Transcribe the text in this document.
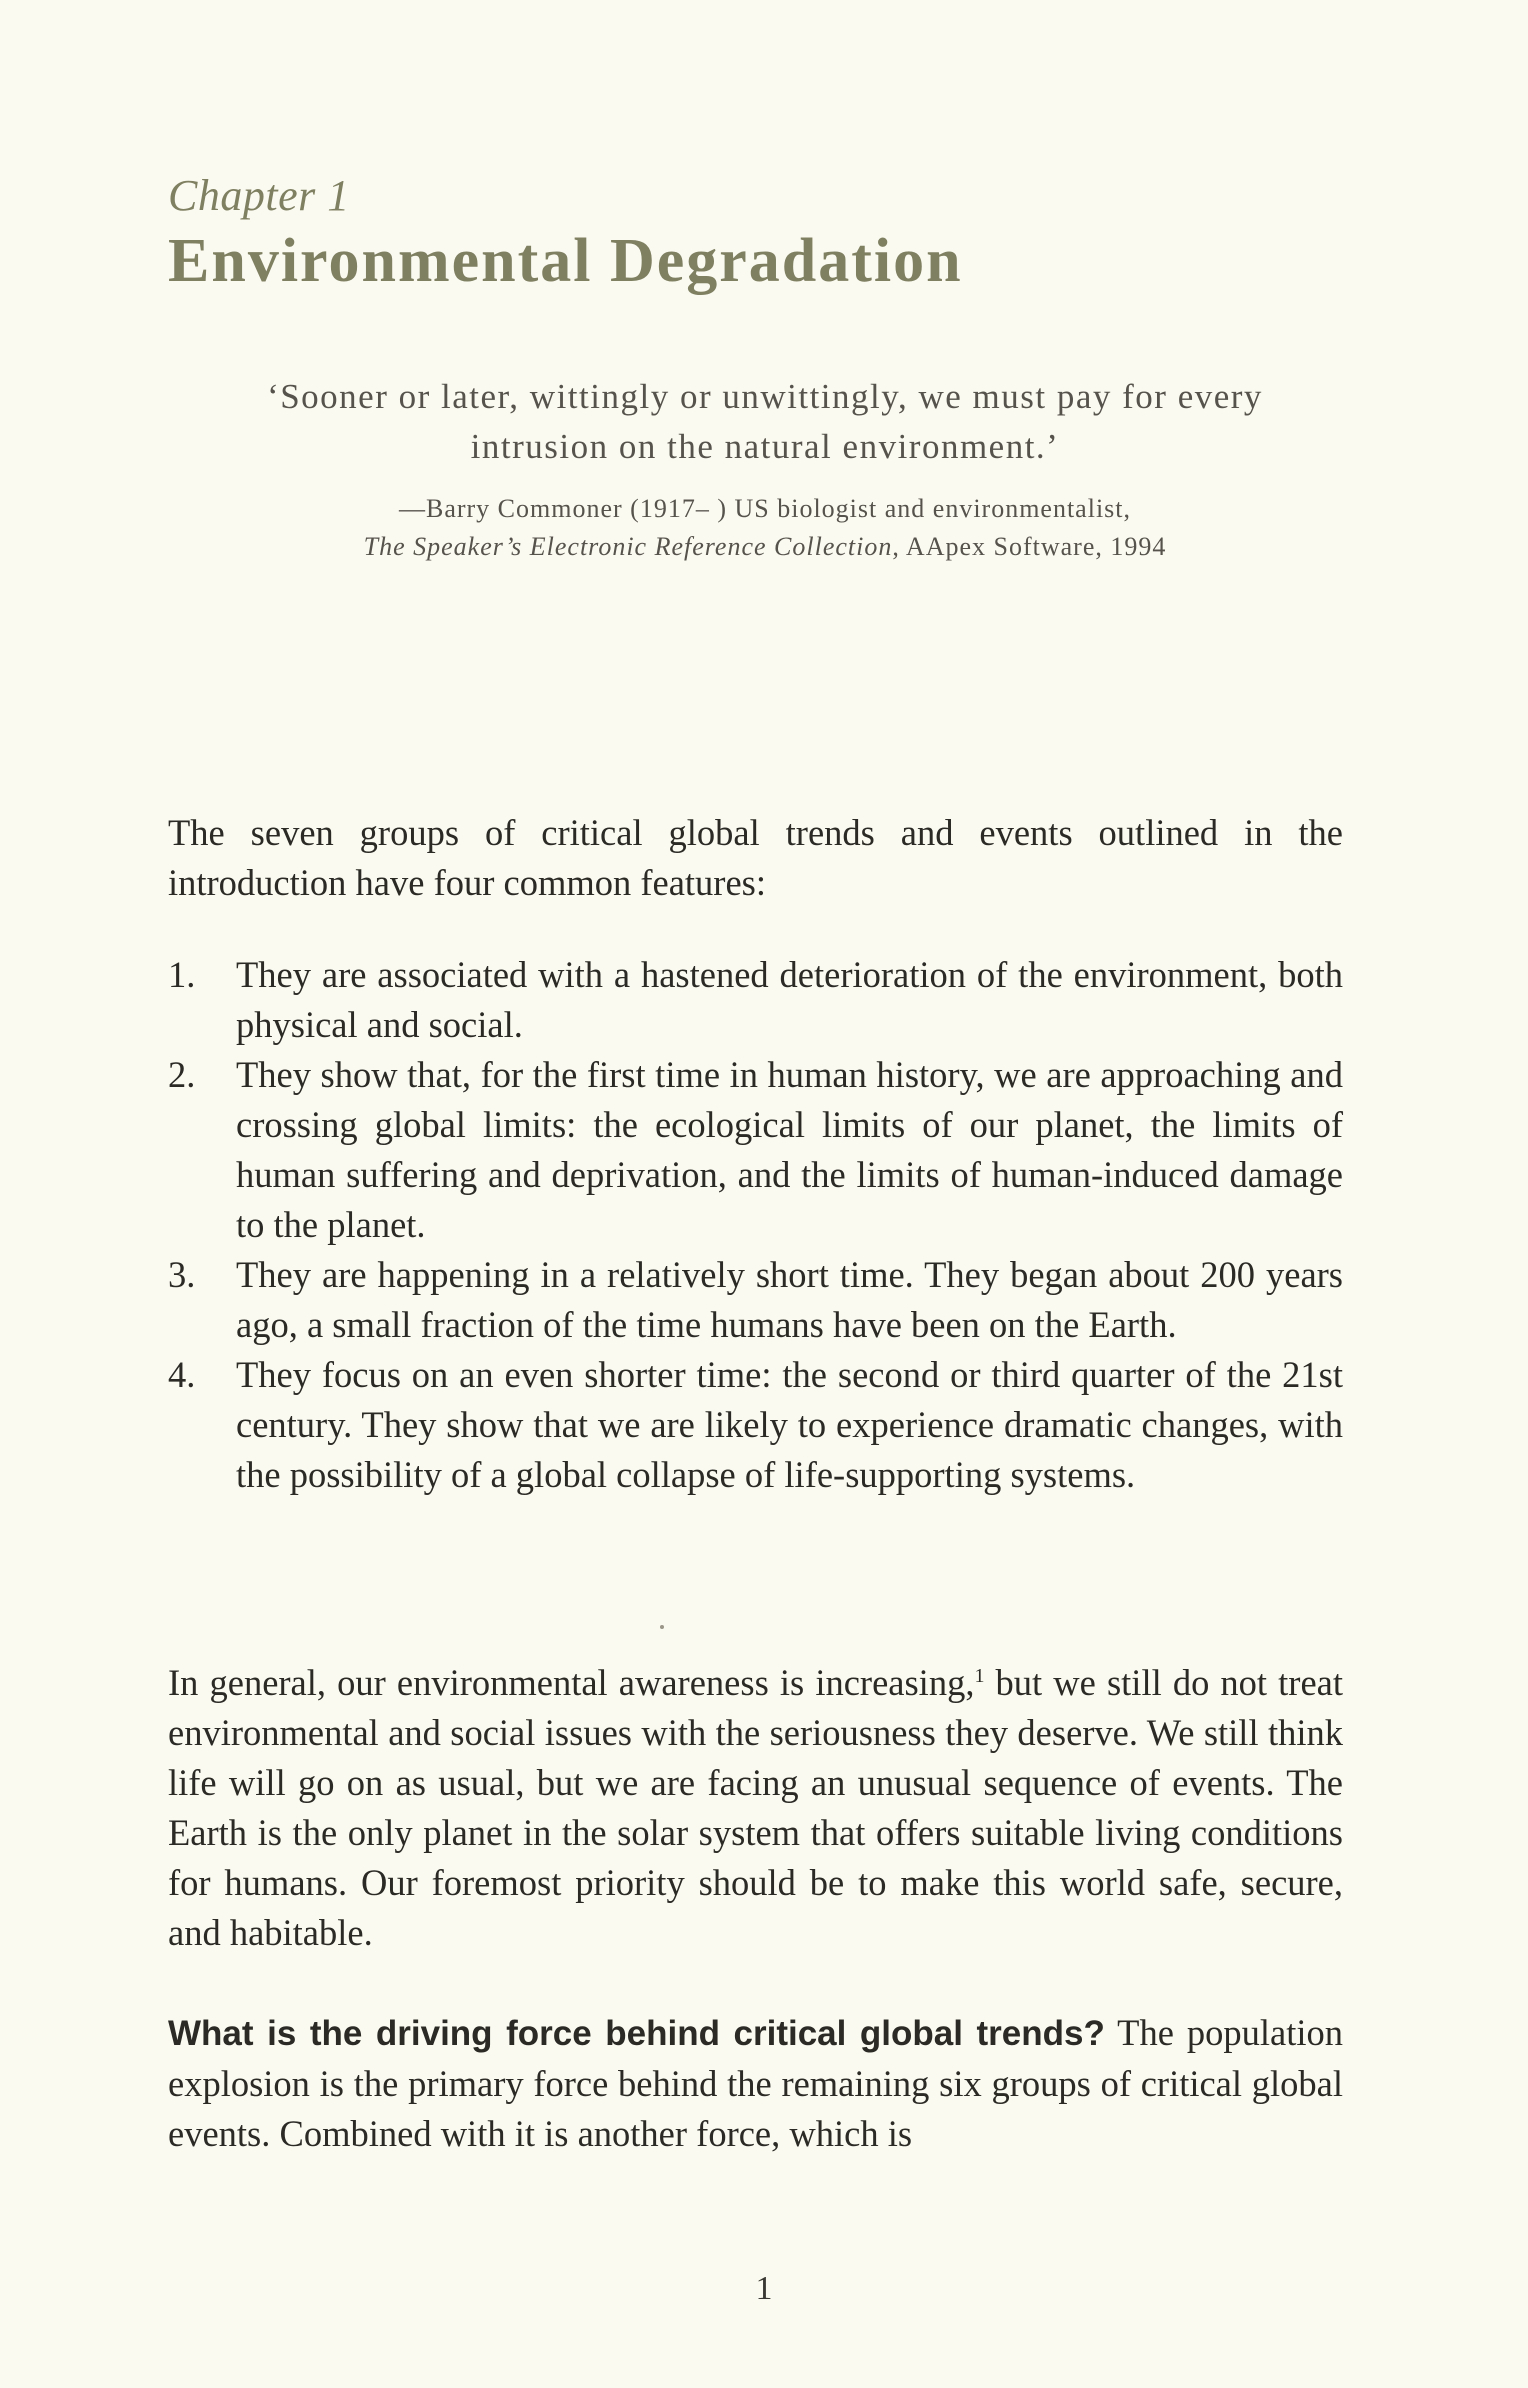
Chapter 1
Environmental Degradation
‘Sooner or later, wittingly or unwittingly, we must pay for every
intrusion on the natural environment.’
—Barry Commoner (1917– ) US biologist and environmentalist,
The Speaker’s Electronic Reference Collection, AApex Software, 1994
The seven groups of critical global trends and events outlined in the introduction have four common features:
1. They are associated with a hastened deterioration of the environment, both physical and social.
2. They show that, for the first time in human history, we are approaching and crossing global limits: the ecological limits of our planet, the limits of human suffering and deprivation, and the limits of human-induced damage to the planet.
3. They are happening in a relatively short time. They began about 200 years ago, a small fraction of the time humans have been on the Earth.
4. They focus on an even shorter time: the second or third quarter of the 21st century. They show that we are likely to experience dramatic changes, with the possibility of a global collapse of life-supporting systems.
In general, our environmental awareness is increasing,$^1$ but we still do not treat environmental and social issues with the seriousness they deserve. We still think life will go on as usual, but we are facing an unusual sequence of events. The Earth is the only planet in the solar system that offers suitable living conditions for humans. Our foremost priority should be to make this world safe, secure, and habitable.
What is the driving force behind critical global trends? The population explosion is the primary force behind the remaining six groups of critical global events. Combined with it is another force, which is
1
